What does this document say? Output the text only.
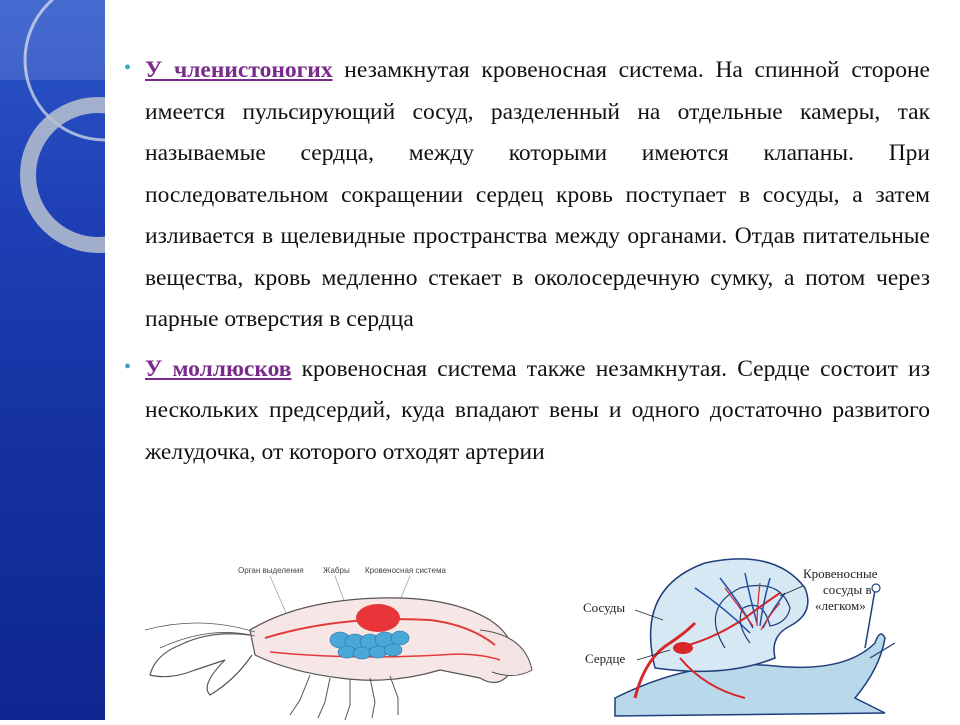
• У членистоногих незамкнутая кровеносная система. На спинной стороне имеется пульсирующий сосуд, разделенный на отдельные камеры, так называемые сердца, между которыми имеются клапаны. При последовательном сокращении сердец кровь поступает в сосуды, а затем изливается в щелевидные пространства между органами. Отдав питательные вещества, кровь медленно стекает в околосердечную сумку, а потом через парные отверстия в сердца
• У моллюсков кровеносная система также незамкнутая. Сердце состоит из нескольких предсердий, куда впадают вены и одного достаточно развитого желудочка, от которого отходят артерии
Орган выделения Жабры Кровеносная система
Сосуды
Сердце
Кровеносные
сосуды в
«легком»
